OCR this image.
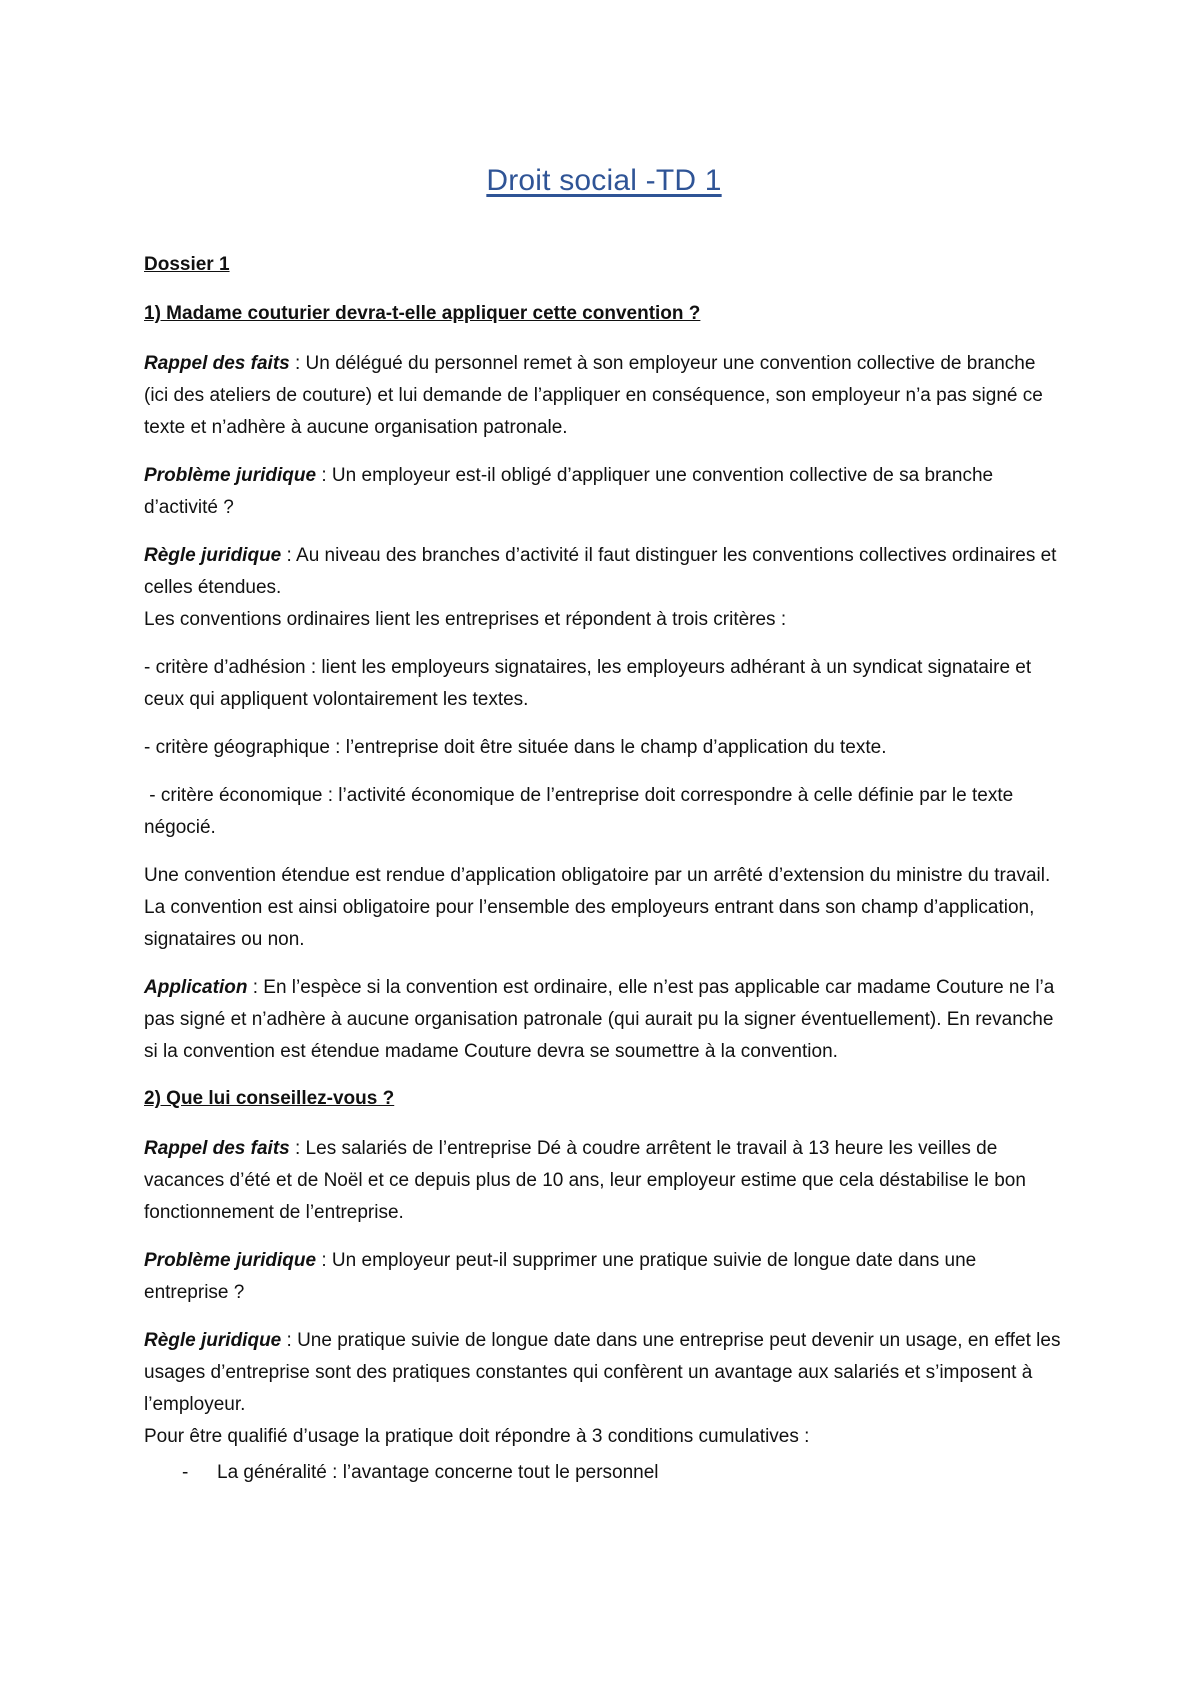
Droit social -TD 1
Dossier 1
1) Madame couturier devra-t-elle appliquer cette convention ?

Rappel des faits : Un délégué du personnel remet à son employeur une convention collective de branche (ici des ateliers de couture) et lui demande de l’appliquer en conséquence, son employeur n’a pas signé ce texte et n’adhère à aucune organisation patronale.

Problème juridique : Un employeur est-il obligé d’appliquer une convention collective de sa branche d’activité ?

Règle juridique : Au niveau des branches d’activité il faut distinguer les conventions collectives ordinaires et celles étendues.

Les conventions ordinaires lient les entreprises et répondent à trois critères :

- critère d’adhésion : lient les employeurs signataires, les employeurs adhérant à un syndicat signataire et ceux qui appliquent volontairement les textes.

- critère géographique : l’entreprise doit être située dans le champ d’application du texte.

- critère économique : l’activité économique de l’entreprise doit correspondre à celle définie par le texte négocié.

Une convention étendue est rendue d’application obligatoire par un arrêté d’extension du ministre du travail. La convention est ainsi obligatoire pour l’ensemble des employeurs entrant dans son champ d’application, signataires ou non.

Application : En l’espèce si la convention est ordinaire, elle n’est pas applicable car madame Couture ne l’a pas signé et n’adhère à aucune organisation patronale (qui aurait pu la signer éventuellement). En revanche si la convention est étendue madame Couture devra se soumettre à la convention.

2) Que lui conseillez-vous ?

Rappel des faits : Les salariés de l’entreprise Dé à coudre arrêtent le travail à 13 heure les veilles de vacances d’été et de Noël et ce depuis plus de 10 ans, leur employeur estime que cela déstabilise le bon fonctionnement de l’entreprise.

Problème juridique : Un employeur peut-il supprimer une pratique suivie de longue date dans une entreprise ?

Règle juridique : Une pratique suivie de longue date dans une entreprise peut devenir un usage, en effet les usages d’entreprise sont des pratiques constantes qui confèrent un avantage aux salariés et s’imposent à l’employeur.

Pour être qualifié d’usage la pratique doit répondre à 3 conditions cumulatives :

- La généralité : l’avantage concerne tout le personnel
